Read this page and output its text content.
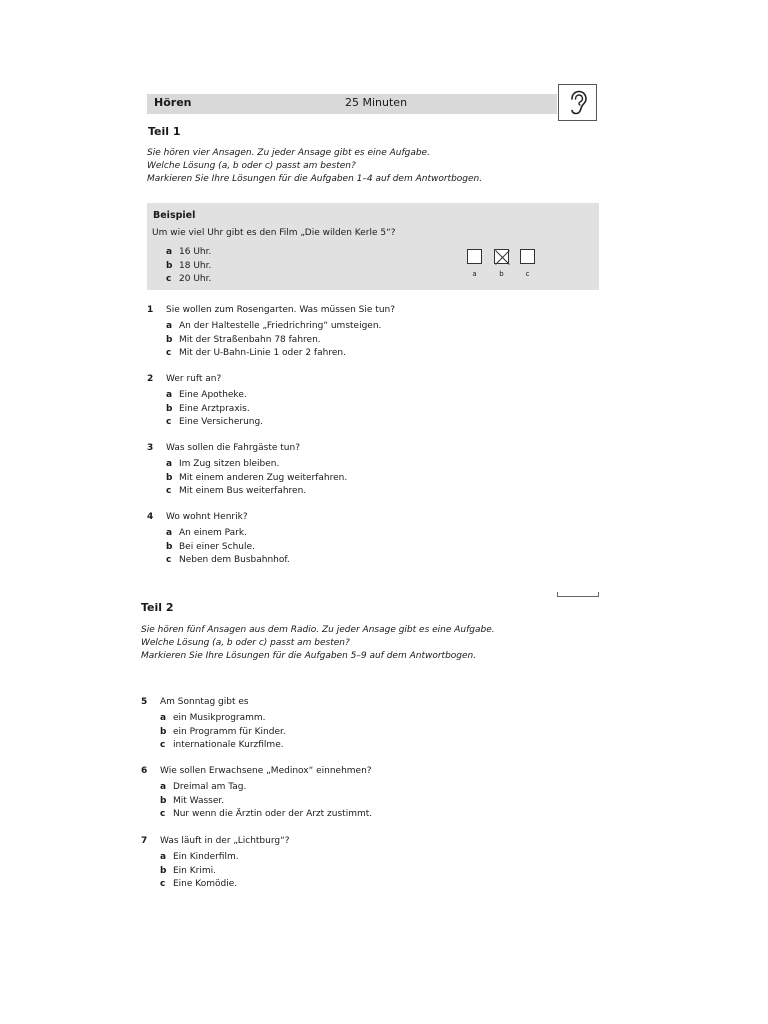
Hören	25 Minuten
Teil 1
Sie hören vier Ansagen. Zu jeder Ansage gibt es eine Aufgabe.
Welche Lösung (a, b oder c) passt am besten?
Markieren Sie Ihre Lösungen für die Aufgaben 1–4 auf dem Antwortbogen.
Beispiel
Um wie viel Uhr gibt es den Film „Die wilden Kerle 5“?
a 16 Uhr.
b 18 Uhr.
c 20 Uhr.	a	b	c
1	Sie wollen zum Rosengarten. Was müssen Sie tun?
a An der Haltestelle „Friedrichring“ umsteigen.
b Mit der Straßenbahn 78 fahren.
c Mit der U-Bahn-Linie 1 oder 2 fahren.
2	Wer ruft an?
a Eine Apotheke.
b Eine Arztpraxis.
c Eine Versicherung.
3	Was sollen die Fahrgäste tun?
a Im Zug sitzen bleiben.
b Mit einem anderen Zug weiterfahren.
c Mit einem Bus weiterfahren.
4	Wo wohnt Henrik?
a An einem Park.
b Bei einer Schule.
c Neben dem Busbahnhof.
Teil 2
Sie hören fünf Ansagen aus dem Radio. Zu jeder Ansage gibt es eine Aufgabe.
Welche Lösung (a, b oder c) passt am besten?
Markieren Sie Ihre Lösungen für die Aufgaben 5–9 auf dem Antwortbogen.
5	Am Sonntag gibt es
a ein Musikprogramm.
b ein Programm für Kinder.
c internationale Kurzfilme.
6	Wie sollen Erwachsene „Medinox“ einnehmen?
a Dreimal am Tag.
b Mit Wasser.
c Nur wenn die Ärztin oder der Arzt zustimmt.
7	Was läuft in der „Lichtburg“?
a Ein Kinderfilm.
b Ein Krimi.
c Eine Komödie.
